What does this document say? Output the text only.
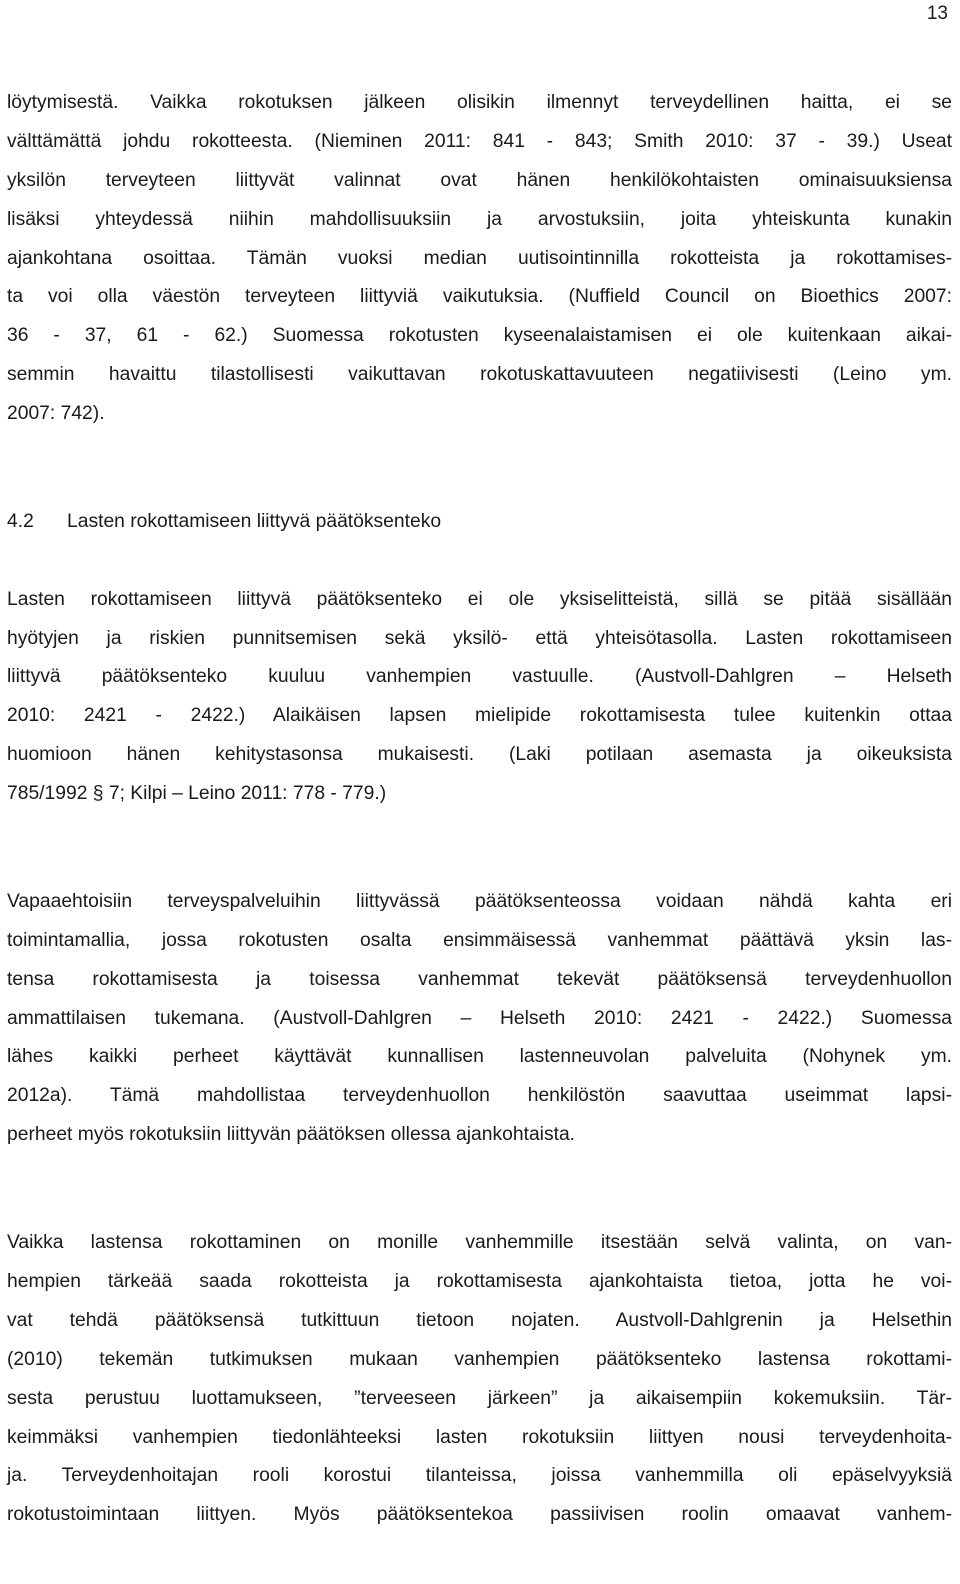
13
löytymisestä. Vaikka rokotuksen jälkeen olisikin ilmennyt terveydellinen haitta, ei se
välttämättä johdu rokotteesta. (Nieminen 2011: 841 - 843; Smith 2010: 37 - 39.) Useat
yksilön terveyteen liittyvät valinnat ovat hänen henkilökohtaisten ominaisuuksiensa
lisäksi yhteydessä niihin mahdollisuuksiin ja arvostuksiin, joita yhteiskunta kunakin
ajankohtana osoittaa. Tämän vuoksi median uutisointinnilla rokotteista ja rokottamises-
ta voi olla väestön terveyteen liittyviä vaikutuksia. (Nuffield Council on Bioethics 2007:
36 - 37, 61 - 62.) Suomessa rokotusten kyseenalaistamisen ei ole kuitenkaan aikai-
semmin havaittu tilastollisesti vaikuttavan rokotuskattavuuteen negatiivisesti (Leino ym.
2007: 742).
4.2 Lasten rokottamiseen liittyvä päätöksenteko
Lasten rokottamiseen liittyvä päätöksenteko ei ole yksiselitteistä, sillä se pitää sisällään
hyötyjen ja riskien punnitsemisen sekä yksilö- että yhteisötasolla. Lasten rokottamiseen
liittyvä päätöksenteko kuuluu vanhempien vastuulle. (Austvoll-Dahlgren – Helseth
2010: 2421 - 2422.) Alaikäisen lapsen mielipide rokottamisesta tulee kuitenkin ottaa
huomioon hänen kehitystasonsa mukaisesti. (Laki potilaan asemasta ja oikeuksista
785/1992 § 7; Kilpi – Leino 2011: 778 - 779.)
Vapaaehtoisiin terveyspalveluihin liittyvässä päätöksenteossa voidaan nähdä kahta eri
toimintamallia, jossa rokotusten osalta ensimmäisessä vanhemmat päättävä yksin las-
tensa rokottamisesta ja toisessa vanhemmat tekevät päätöksensä terveydenhuollon
ammattilaisen tukemana. (Austvoll-Dahlgren – Helseth 2010: 2421 - 2422.) Suomessa
lähes kaikki perheet käyttävät kunnallisen lastenneuvolan palveluita (Nohynek ym.
2012a). Tämä mahdollistaa terveydenhuollon henkilöstön saavuttaa useimmat lapsi-
perheet myös rokotuksiin liittyvän päätöksen ollessa ajankohtaista.
Vaikka lastensa rokottaminen on monille vanhemmille itsestään selvä valinta, on van-
hempien tärkeää saada rokotteista ja rokottamisesta ajankohtaista tietoa, jotta he voi-
vat tehdä päätöksensä tutkittuun tietoon nojaten. Austvoll-Dahlgrenin ja Helsethin
(2010) tekemän tutkimuksen mukaan vanhempien päätöksenteko lastensa rokottami-
sesta perustuu luottamukseen, ”terveeseen järkeen” ja aikaisempiin kokemuksiin. Tär-
keimmäksi vanhempien tiedonlähteeksi lasten rokotuksiin liittyen nousi terveydenhoita-
ja. Terveydenhoitajan rooli korostui tilanteissa, joissa vanhemmilla oli epäselvyyksiä
rokotustoimintaan liittyen. Myös päätöksentekoa passiivisen roolin omaavat vanhem-
